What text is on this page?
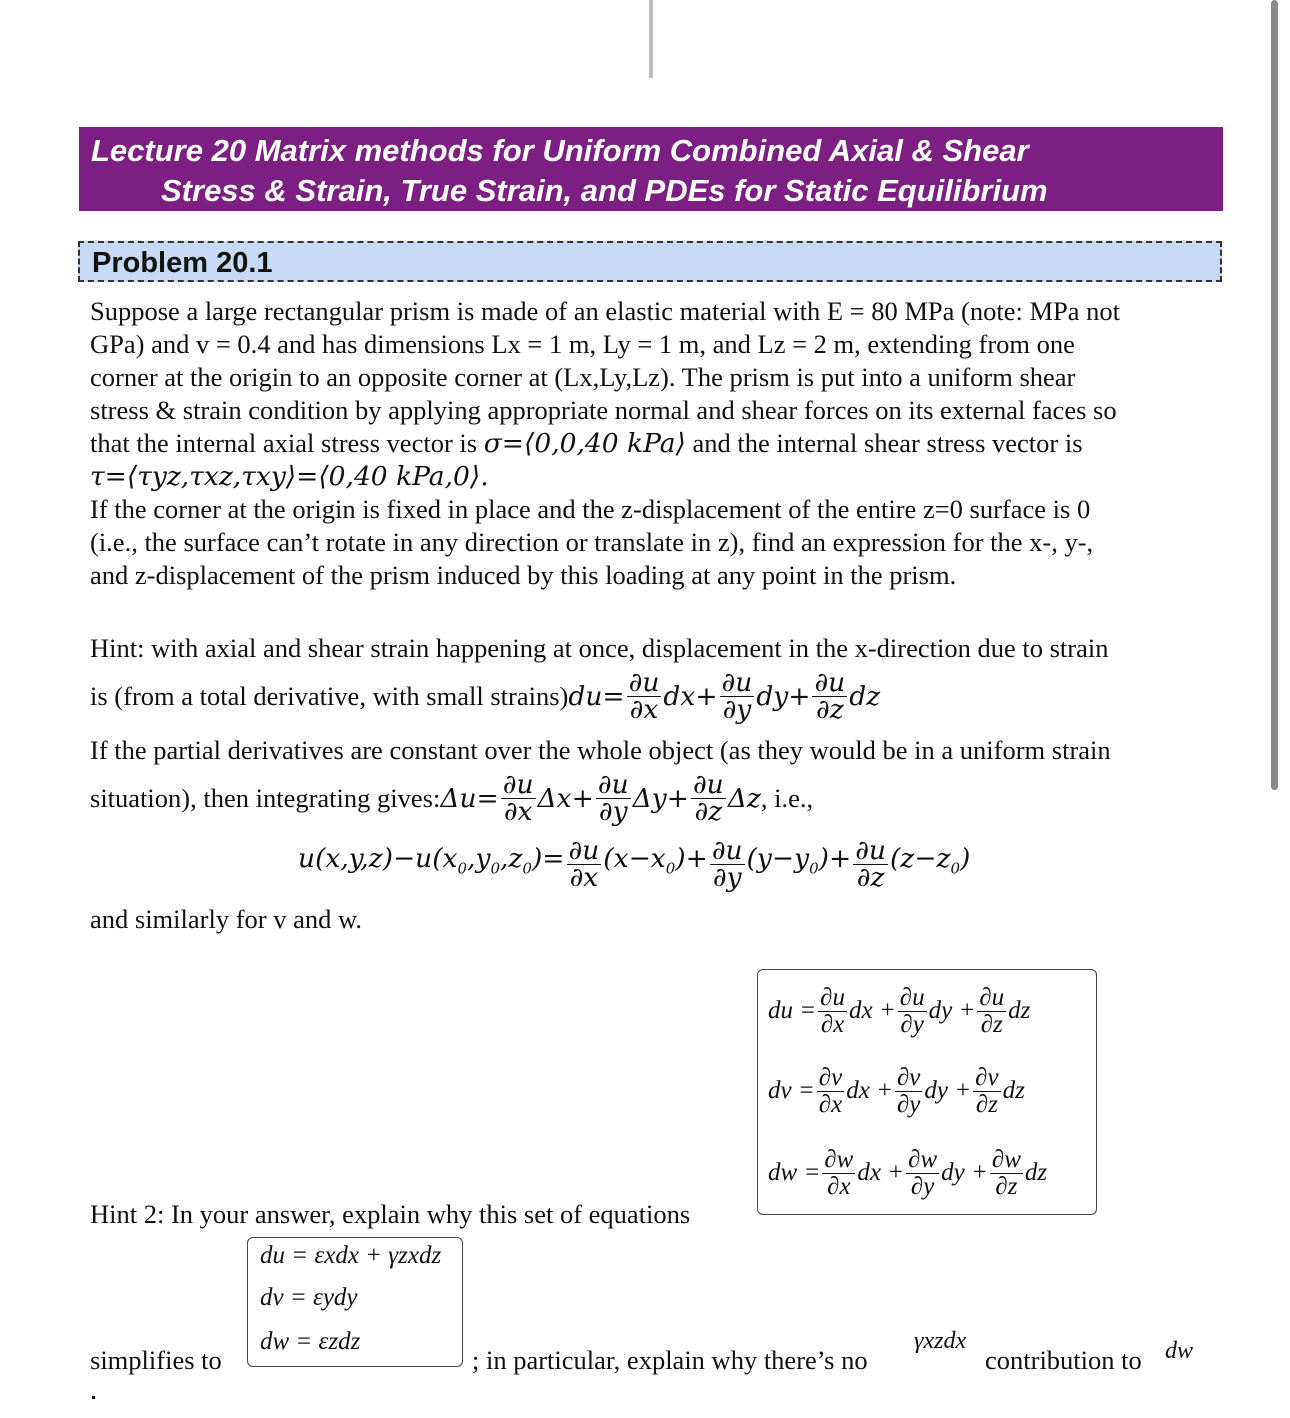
Lecture 20 Matrix methods for Uniform Combined Axial & Shear
Stress & Strain, True Strain, and PDEs for Static Equilibrium
Problem 20.1
Suppose a large rectangular prism is made of an elastic material with E = 80 MPa (note: MPa not
GPa) and v = 0.4 and has dimensions Lx = 1 m, Ly = 1 m, and Lz = 2 m, extending from one
corner at the origin to an opposite corner at (Lx,Ly,Lz). The prism is put into a uniform shear
stress & strain condition by applying appropriate normal and shear forces on its external faces so
that the internal axial stress vector is σ=⟨0,0,40 kPa⟩ and the internal shear stress vector is
τ=⟨τyz,τxz,τxy⟩=⟨0,40 kPa,0⟩.
If the corner at the origin is fixed in place and the z-displacement of the entire z=0 surface is 0
(i.e., the surface can’t rotate in any direction or translate in z), find an expression for the x-, y-,
and z-displacement of the prism induced by this loading at any point in the prism.
Hint: with axial and shear strain happening at once, displacement in the x-direction due to strain
is (from a total derivative, with small strains) du = $\frac{\partial u}{\partial x}$ dx + $\frac{\partial u}{\partial y}$ dy + $\frac{\partial u}{\partial z}$ dz
If the partial derivatives are constant over the whole object (as they would be in a uniform strain
situation), then integrating gives: Δ $u = \frac{\partial u}{\partial x}$ $\Delta x + \frac{\partial u}{\partial y}$ $\Delta y + \frac{\partial u}{\partial z}$ Δz , i.e.,
$u(x,y,z)-u(x_0,y_0,z_0)= \frac{\partial u}{\partial x} (x-x_0)+ \frac{\partial u}{\partial y} (y-y_0)+ \frac{\partial u}{\partial z} (z-z_0)$
and similarly for v and w.
du = $\frac{\partial u}{\partial x}$ dx + $\frac{\partial u}{\partial y}$ dy + $\frac{\partial u}{\partial z}$ dz
dv = $\frac{\partial v}{\partial x}$ dx + $\frac{\partial v}{\partial y}$ dy + $\frac{\partial v}{\partial z}$ dz
dw = $\frac{\partial w}{\partial x}$ dx + $\frac{\partial w}{\partial y}$ dy + $\frac{\partial w}{\partial z}$ dz
Hint 2: In your answer, explain why this set of equations
du = εxdx + γzxdz
dv = εydy
dw = εzdz
simplifies to	; in particular, explain why there’s no
γxzdx
contribution to dw
